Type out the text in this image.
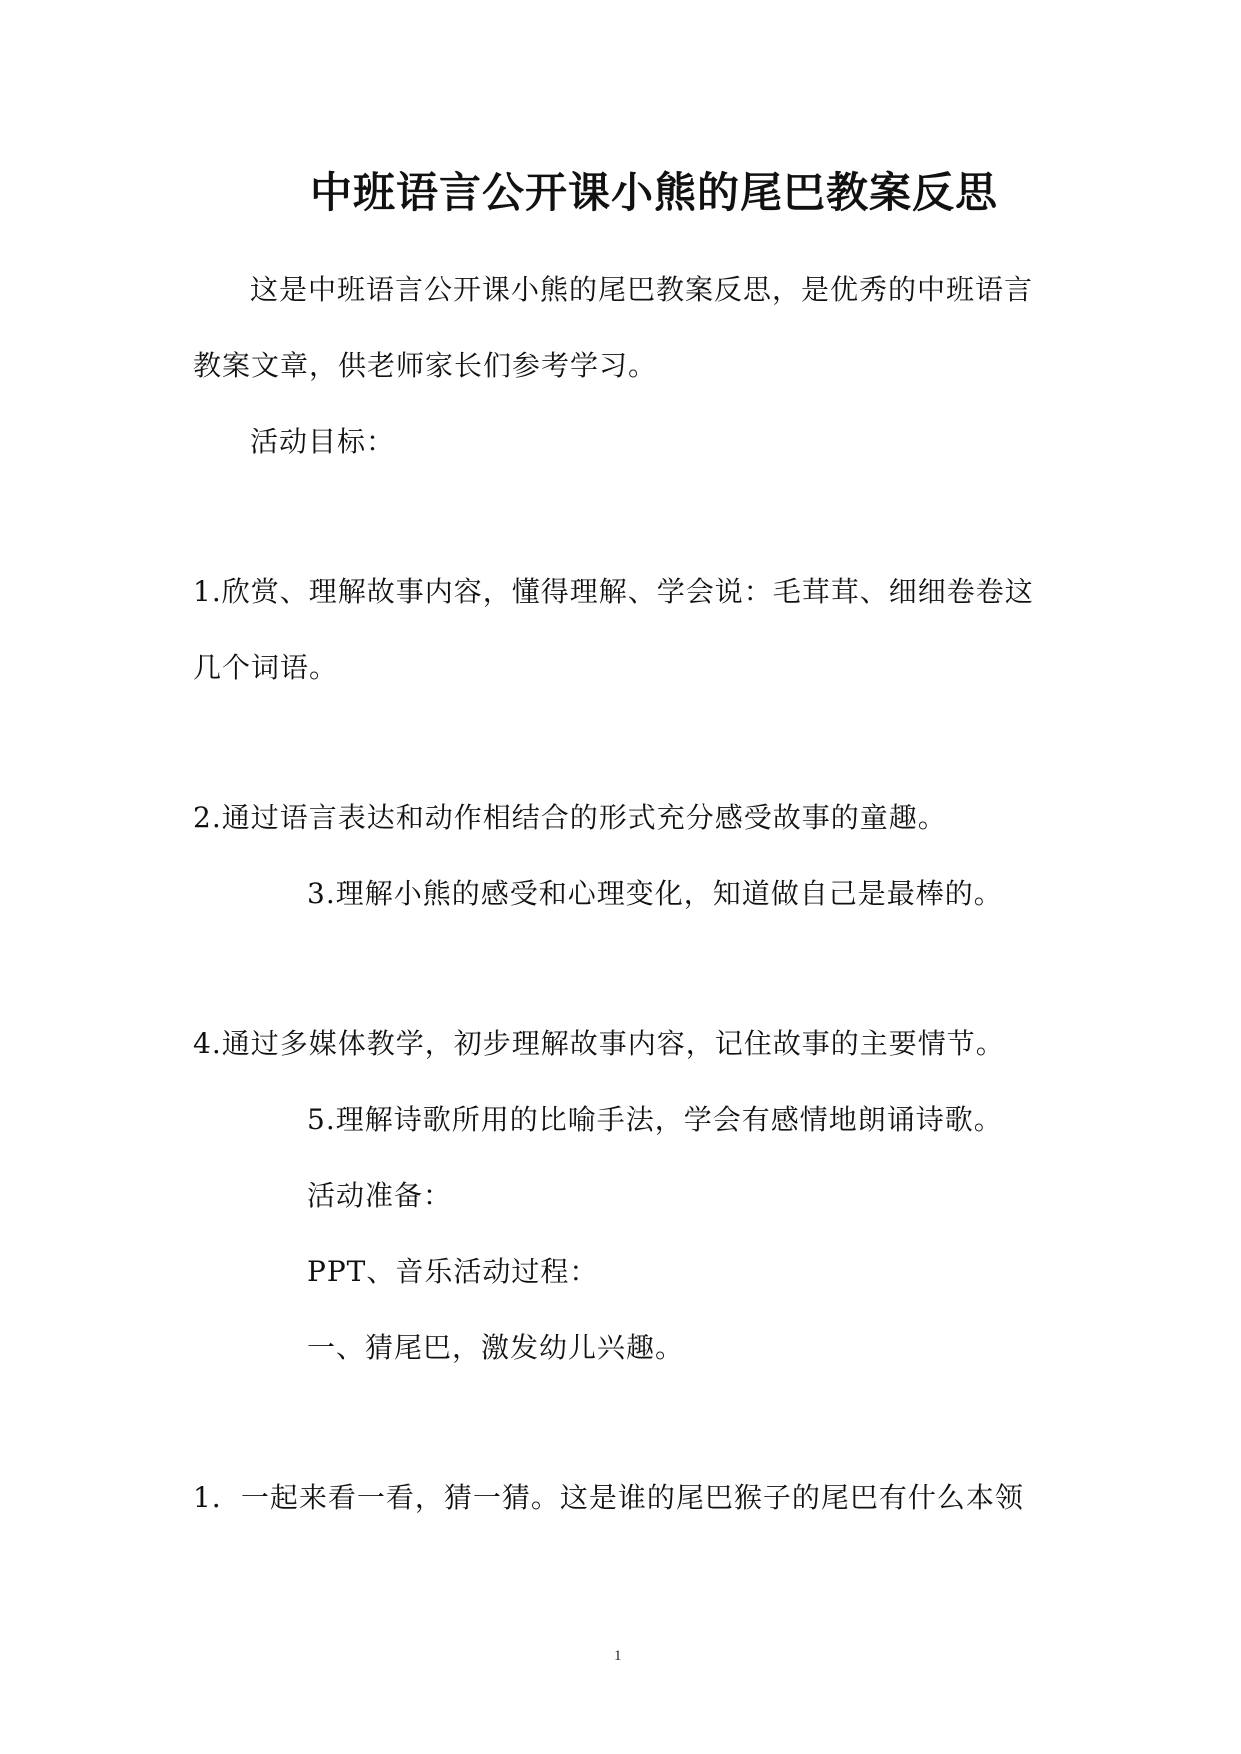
中班语言公开课小熊的尾巴教案反思
这是中班语言公开课小熊的尾巴教案反思，是优秀的中班语言
教案文章，供老师家长们参考学习。
活动目标：
1.欣赏、理解故事内容，懂得理解、学会说：毛茸茸、细细卷卷这
几个词语。
2.通过语言表达和动作相结合的形式充分感受故事的童趣。
3.理解小熊的感受和心理变化，知道做自己是最棒的。
4.通过多媒体教学，初步理解故事内容，记住故事的主要情节。
5.理解诗歌所用的比喻手法，学会有感情地朗诵诗歌。
活动准备：
PPT、音乐活动过程：
一、猜尾巴，激发幼儿兴趣。
1．一起来看一看，猜一猜。这是谁的尾巴猴子的尾巴有什么本领
1
